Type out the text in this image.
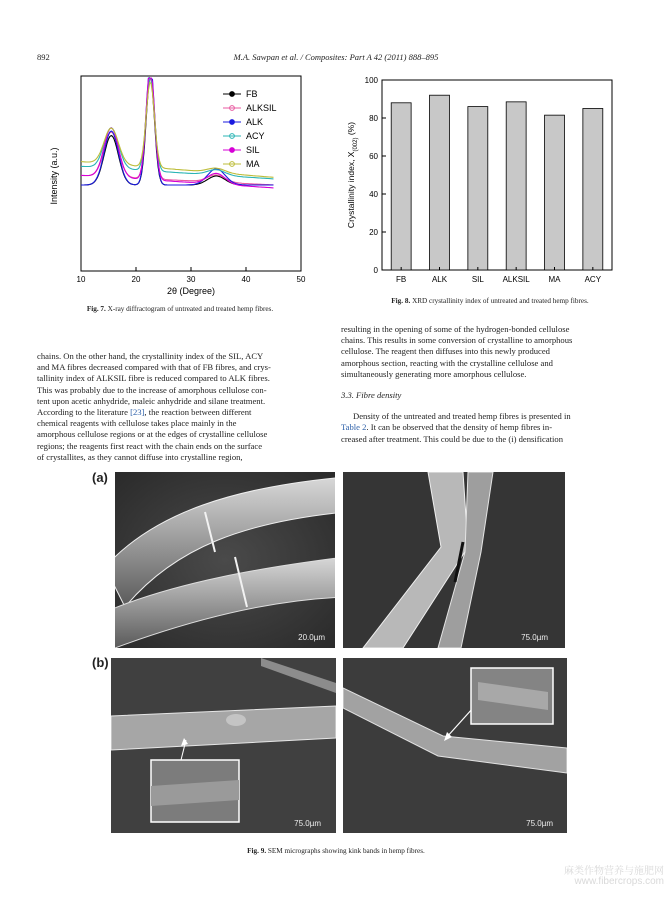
892	M.A. Sawpan et al. / Composites: Part A 42 (2011) 888–895
10	20	30	40	50
2θ (Degree)
Intensity (a.u.)
FB
ALKSIL
ALK
ACY
SIL
MA
Fig. 7. X-ray diffractogram of untreated and treated hemp fibres.
0
20
40
60
80
100
FB	ALK	SIL ALKSIL MA	ACY
Crystallinity index, $X_{(002)}$ (%)
Fig. 8. XRD crystallinity index of untreated and treated hemp fibres.
chains. On the other hand, the crystallinity index of the SIL, ACY
and MA fibres decreased compared with that of FB fibres, and crys-
tallinity index of ALKSIL fibre is reduced compared to ALK fibres.
This was probably due to the increase of amorphous cellulose con-
tent upon acetic anhydride, maleic anhydride and silane treatment.
According to the literature [23], the reaction between different
chemical reagents with cellulose takes place mainly in the
amorphous cellulose regions or at the edges of crystalline cellulose
regions; the reagents first react with the chain ends on the surface
of crystallites, as they cannot diffuse into crystalline region,
resulting in the opening of some of the hydrogen-bonded cellulose
chains. This results in some conversion of crystalline to amorphous
cellulose. The reagent then diffuses into this newly produced
amorphous section, reacting with the crystalline cellulose and
simultaneously generating more amorphous cellulose.
3.3. Fibre density
Density of the untreated and treated hemp fibres is presented in
Table 2. It can be observed that the density of hemp fibres in-
creased after treatment. This could be due to the (i) densification
(a)
(b)
20.0µm	75.0µm
75.0µm	75.0µm
Fig. 9. SEM micrographs showing kink bands in hemp fibres.
麻类作物营养与施肥网
www.fibercrops.com
